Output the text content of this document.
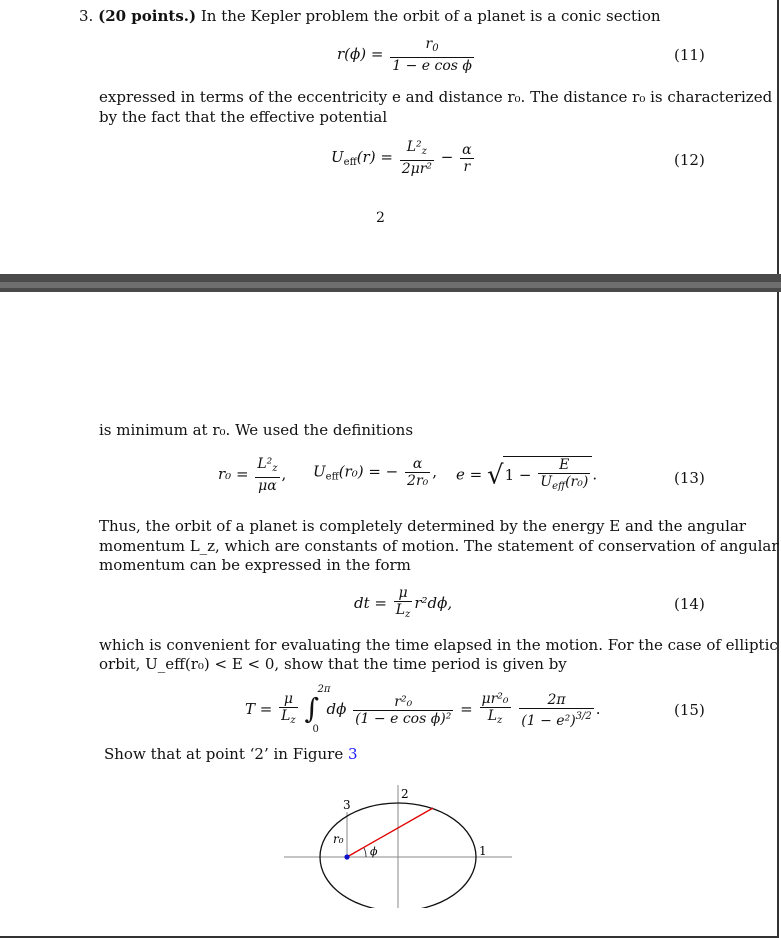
3. (20 points.) In the Kepler problem the orbit of a planet is a conic section
$r(\phi) = \frac{r_0}{\text{1 − e cos ϕ}}$	(11)
expressed in terms of the eccentricity e and distance r₀. The distance r₀ is characterized
by the fact that the effective potential
$U_{eff}(r) = \frac{L^2_z}{\text{2μr²}} - \frac{\alpha}{r}$	(12)
2
is minimum at r₀. We used the definitions
$r_0 = \frac{L^2_z}{\mu\alpha}$ , $U_{eff}(r_0)$ = − $\frac{\alpha}{\text{2r₀}}$ , $e = √1 - \frac{E}{U_{eff}(r_0)}$ .	(13)
Thus, the orbit of a planet is completely determined by the energy E and the angular
momentum L_z, which are constants of motion. The statement of conservation of angular
momentum can be expressed in the form
dt = $\frac{\mu}{L_z} r^2d\phi$,	(14)
which is convenient for evaluating the time elapsed in the motion. For the case of elliptic
orbit, U_eff(r₀) < E < 0, show that the time period is given by
$T = \frac{\mu}{L_z}$
∫
2π
0
dϕ $\frac{\text{r²₀}}{\text{(1 − e cos ϕ)²}} = \frac{\text{μr²₀}}{L_z}$
$\frac{2\pi}{(1 - e^2)^{3/2}}$ .	(15)
Show that at point ‘2’ in Figure 3
1
2
3
r₀
ϕ
